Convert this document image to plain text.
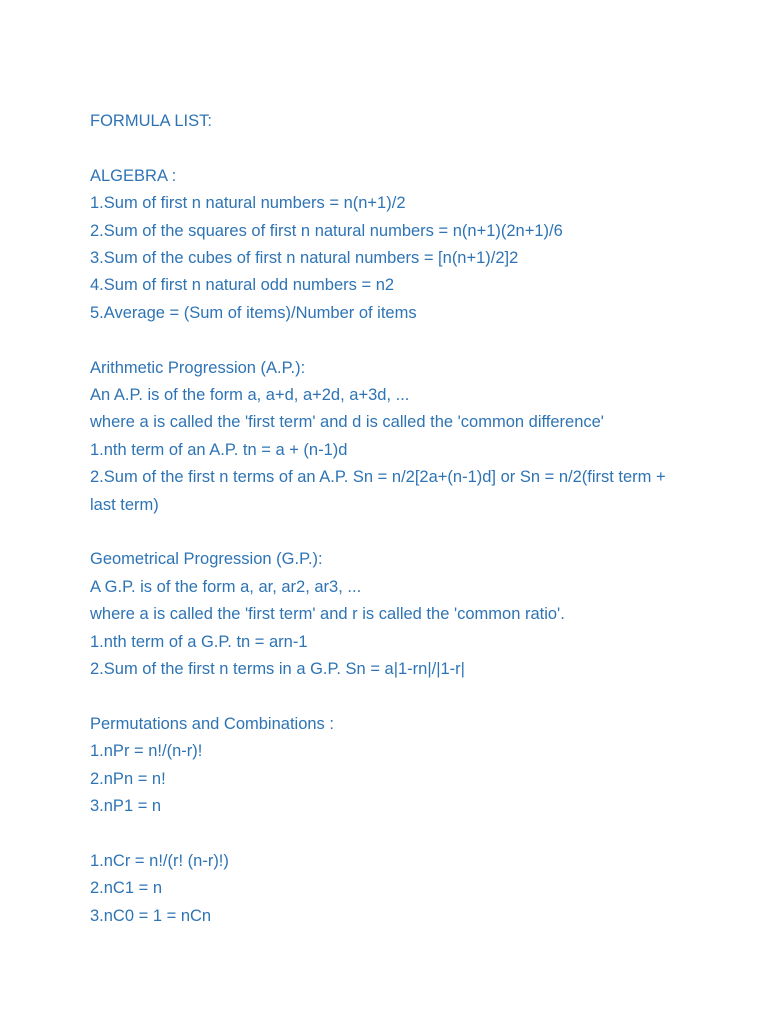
FORMULA LIST:
ALGEBRA :
1.Sum of first n natural numbers = n(n+1)/2
2.Sum of the squares of first n natural numbers = n(n+1)(2n+1)/6
3.Sum of the cubes of first n natural numbers = [n(n+1)/2]2
4.Sum of first n natural odd numbers = n2
5.Average = (Sum of items)/Number of items
Arithmetic Progression (A.P.):
An A.P. is of the form a, a+d, a+2d, a+3d, ...
where a is called the 'first term' and d is called the 'common difference'
1.nth term of an A.P. tn = a + (n-1)d
2.Sum of the first n terms of an A.P. Sn = n/2[2a+(n-1)d] or Sn = n/2(first term + last term)
Geometrical Progression (G.P.):
A G.P. is of the form a, ar, ar2, ar3, ...
where a is called the 'first term' and r is called the 'common ratio'.
1.nth term of a G.P. tn = arn-1
2.Sum of the first n terms in a G.P. Sn = a|1-rn|/|1-r|
Permutations and Combinations :
1.nPr = n!/(n-r)!
2.nPn = n!
3.nP1 = n
1.nCr = n!/(r! (n-r)!)
2.nC1 = n
3.nC0 = 1 = nCn
